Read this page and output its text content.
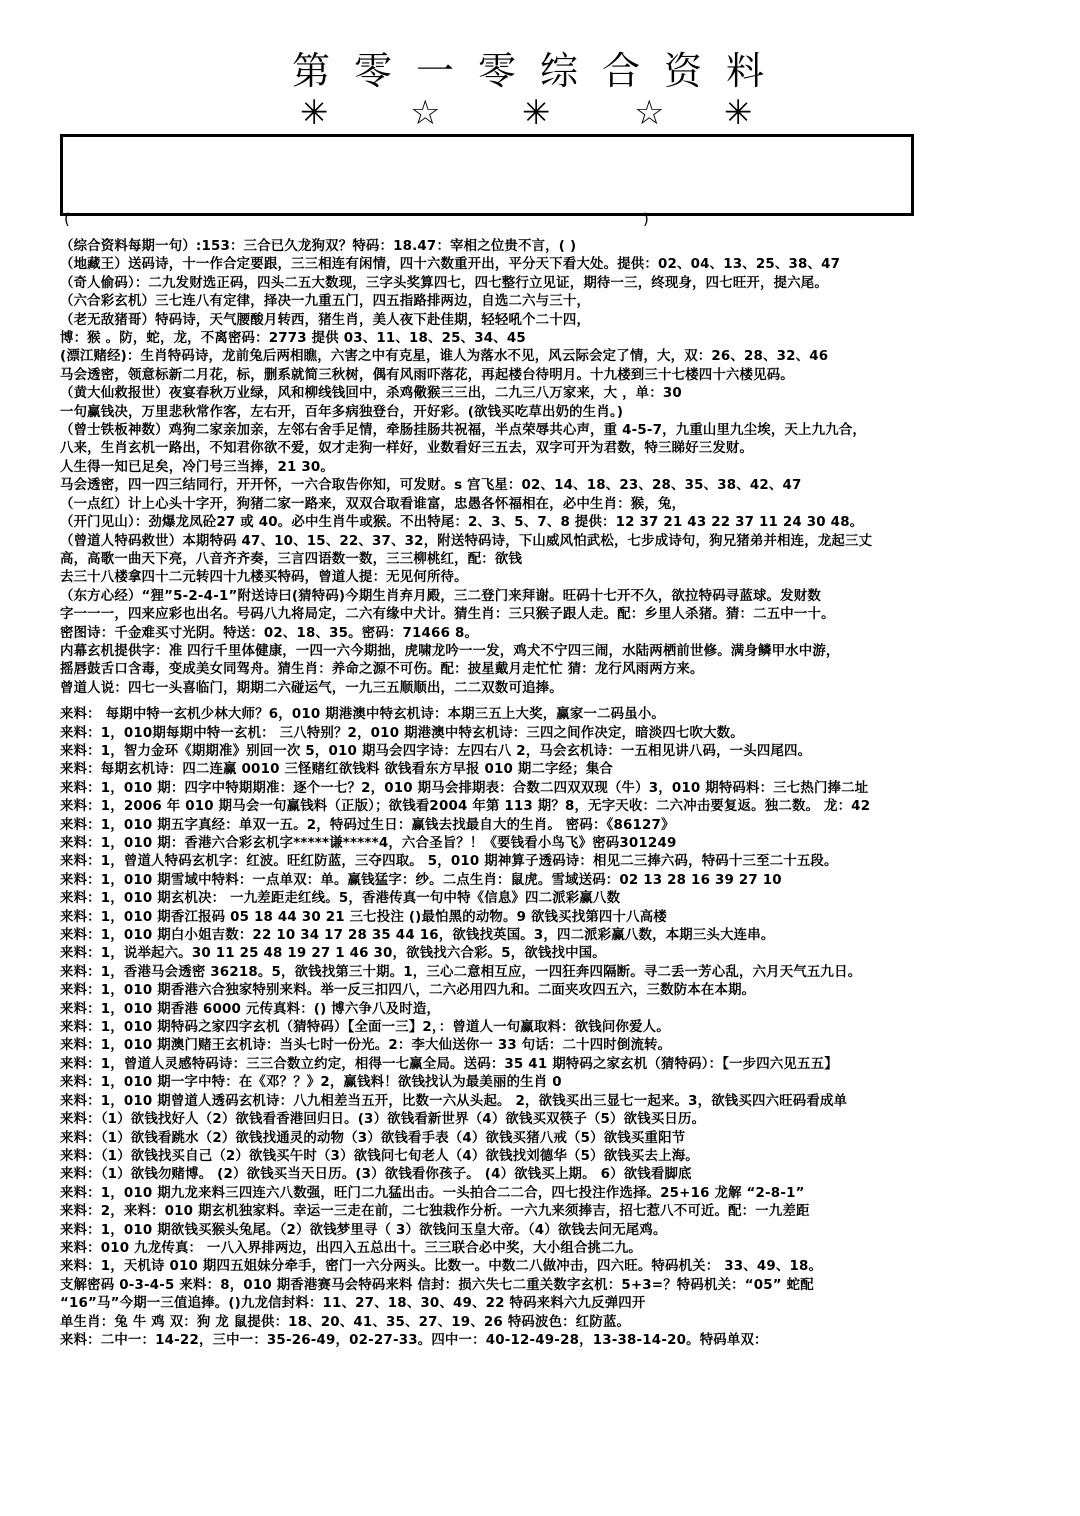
第零一零综合资料
✳ ☆ ✳ ☆ ✳
(	)
（综合资料每期一句）:153：三合已久龙狗双？特码：18.47：宰相之位贵不言，( )
（地藏王）送码诗，十一作合定要跟，三三相连有闲情，四十六数重开出，平分天下看大处。提供：02、04、13、25、38、47
（奇人偷码）：二九发财选正码，四头二五大数现，三字头奖算四七，四七整行立见证，期待一三，终现身，四七旺开，提六尾。
（六合彩玄机）三七连八有定律，择决一九重五门，四五指路排两边，自选二六与三十，
（老无敌猪哥）特码诗，天气腰酸月转西，猪生肖，美人夜下赴佳期，轻轻吼个二十四，
博：猴 。防，蛇，龙，不离密码：2773 提供 03、11、18、25、34、45
(漂江赌经)：生肖特码诗，龙前兔后两相瞧，六害之中有克星，谁人为落水不见，风云际会定了情，大，双：26、28、32、46
马会透密，领意标新二月花，标，删系就简三秋树，偶有风雨吓落花，再起楼台待明月。十九楼到三十七楼四十六楼见码。
（黄大仙救报世）夜宴春秋万业绿，风和柳线钱回中，杀鸡儆猴三三出，二九三八万家来，大 ，单：30
一句赢钱决，万里悲秋常作客，左右开，百年多病独登台，开好彩。(欲钱买吃草出奶的生肖。)
（曾士铁板神数）鸡狗二家亲加亲，左邻右舍手足情，牵肠挂肠共祝福，半点荣辱共心声，重 4-5-7，九重山里九尘埃，天上九九合，
八来，生肖玄机一路出，不知君你欲不爱，奴才走狗一样好，业数看好三五去，双字可开为君数，特三睇好三发财。
人生得一知已足矣，冷门号三当捧，21 30。
马会透密，四一四三结同行，开开怀，一六合取告你知，可发财。s 宫飞星：02、14、18、23、28、35、38、42、47
（一点红）计上心头十字开，狗猪二家一路来，双双合取看谁富，忠愚各怀福相在，必中生肖：猴，兔，
（开门见山）：劲爆龙凤砼27 或 40。必中生肖牛或猴。不出特尾：2、3、5、7、8 提供：12 37 21 43 22 37 11 24 30 48。
（曾道人特码救世）本期特码 47、10、15、22、37、32，附送特码诗，下山威风怕武松，七步成诗句，狗兄猪弟并相连，龙起三丈
高，高歌一曲天下亮，八音齐齐奏，三言四语数一数，三三柳桃红，配：欲钱
去三十八楼拿四十二元转四十九楼买特码，曾道人提：无见何所待。
（东方心经）“狸”5-2-4-1”附送诗曰(猜特码)今期生肖弃月殿，三二登门来拜谢。旺码十七开不久，欲拉特码寻蓝球。发财数
字一一一，四来应彩也出名。号码八九将局定，二六有缘中犬计。猜生肖：三只猴子跟人走。配：乡里人杀猪。猜：二五中一十。
密图诗：千金难买寸光阴。特送：02、18、35。密码：71466 8。
内幕玄机提供字：准 四行千里体健康，一四一六今期拙，虎啸龙吟一一发，鸡犬不宁四三闹，水陆两栖前世修。满身鳞甲水中游，
摇唇鼓舌口含毒，变成美女同驾舟。猜生肖：养命之源不可伤。配：披星戴月走忙忙 猜：龙行风雨两方来。
曾道人说：四七一头喜临门，期期二六碰运气，一九三五顺顺出，二二双数可追捧。
来料： 每期中特一玄机少林大师？6，010 期港澳中特玄机诗：本期三五上大奖，赢家一二码虽小。
来料：1，010期每期中特一玄机： 三八特别？2，010 期港澳中特玄机诗：三四之间作决定，暗淡四七吹大数。
来料：1，智力金环《期期准》别回一次 5，010 期马会四字诗：左四右八 2，马会玄机诗：一五相见讲八码，一头四尾四。
来料：每期玄机诗：四二连赢 0010 三怪赌红欲钱料 欲钱看东方早报 010 期二字经；集合
来料：1，010 期：四字中特期期准：逐个一七？2，010 期马会排期表：合数二四双双现（牛）3，010 期特码料：三七热门捧二址
来料：1，2006 年 010 期马会一句赢钱料（正版）；欲钱看2004 年第 113 期？8，无字天收：二六冲击要复返。独二数。 龙：42
来料：1，010 期五字真经：单双一五。2，特码过生日：赢钱去找最自大的生肖。 密码：《86127》
来料：1，010 期：香港六合彩玄机字*****谦*****4，六合圣旨？！《要钱看小鸟飞》密码301249
来料：1，曾道人特码玄机字：红波。旺红防蓝，三夺四取。 5，010 期神算子透码诗：相见二三捧六码，特码十三至二十五段。
来料：1，010 期雪域中特料：一点单双：单。赢钱猛字：纱。二点生肖：鼠虎。雪域送码：02 13 28 16 39 27 10
来料：1，010 期玄机决： 一九差距走红线。5，香港传真一句中特《信息》四二派彩赢八数
来料：1，010 期香江报码 05 18 44 30 21 三七投注 ()最怕黑的动物。9 欲钱买找第四十八高楼
来料：1，010 期白小姐吉数：22 10 34 17 28 35 44 16，欲钱找英国。3，四二派彩赢八数，本期三头大连串。
来料：1，说举起六。30 11 25 48 19 27 1 46 30，欲钱找六合彩。5，欲钱找中国。
来料：1，香港马会透密 36218。5，欲钱找第三十期。1，三心二意相互应，一四狂奔四隔断。寻二丢一芳心乱，六月天气五九日。
来料：1，010 期香港六合独家特别来料。举一反三扣四八，二六必用四九和。二面夹攻四五六，三数防本在本期。
来料：1，010 期香港 6000 元传真料：() 博六争八及时造，
来料：1，010 期特码之家四字玄机（猜特码）【全面一三】2，：曾道人一句赢取料：欲钱问你爱人。
来料：1，010 期澳门赌王玄机诗：当头七时一份光。2：李大仙送你一 33 句话：二十四时倒流转。
来料：1，曾道人灵感特码诗：三三合数立约定，相得一七赢全局。送码：35 41 期特码之家玄机（猜特码）：【一步四六见五五】
来料：1，010 期一字中特：在《邓？？》2，赢钱料！欲钱找认为最美丽的生肖 0
来料：1，010 期曾道人透码玄机诗：八九相差当五开，比数一六从头起。 2，欲钱买出三显七一起来。3，欲钱买四六旺码看成单
来料：（1）欲钱找好人（2）欲钱看香港回归日。(3）欲钱看新世界（4）欲钱买双筷子（5）欲钱买日历。
来料：（1）欲钱看跳水（2）欲钱找通灵的动物（3）欲钱看手表（4）欲钱买猪八戒（5）欲钱买重阳节
来料：（1）欲钱找买自己（2）欲钱买午时（3）欲钱问七旬老人（4）欲钱找刘德华（5）欲钱买去上海。
来料：（1）欲钱勿赌博。 (2）欲钱买当天日历。(3）欲钱看你孩子。 (4）欲钱买上期。 6）欲钱看脚底
来料：1，010 期九龙来料三四连六八数强，旺门二九猛出击。一头拍合二二合，四七投注作选择。25+16 龙解 “2-8-1”
来料：2，来料：010 期玄机独家料。幸运一三走在前，二七独栽作分析。一六九来须捧吉，招七惹八不可近。配：一九差距
来料：1，010 期欲钱买猴头兔尾。（2）欲钱梦里寻（ 3）欲钱问玉皇大帝。（4）欲钱去问无尾鸡。
来料：010 九龙传真： 一八入界排两边，出四入五总出十。三三联合必中奖，大小组合挑二九。
来料：1，天机诗 010 期四五姐妹分牵手，密门一六分两头。比数一。中数二八做冲击，四六旺。特码机关： 33、49、18。
支解密码 0-3-4-5 来料：8，010 期香港赛马会特码来料 信封：损六失七二重关数字玄机：5+3=？特码机关：“05” 蛇配
“16”马”今期一三值追捧。()九龙信封料：11、27、18、30、49、22 特码来料六九反弹四开
单生肖：兔 牛 鸡 双：狗 龙 鼠提供：18、20、41、35、27、19、26 特码波色：红防蓝。
来料：二中一：14-22，三中一：35-26-49，02-27-33。四中一：40-12-49-28，13-38-14-20。特码单双：
